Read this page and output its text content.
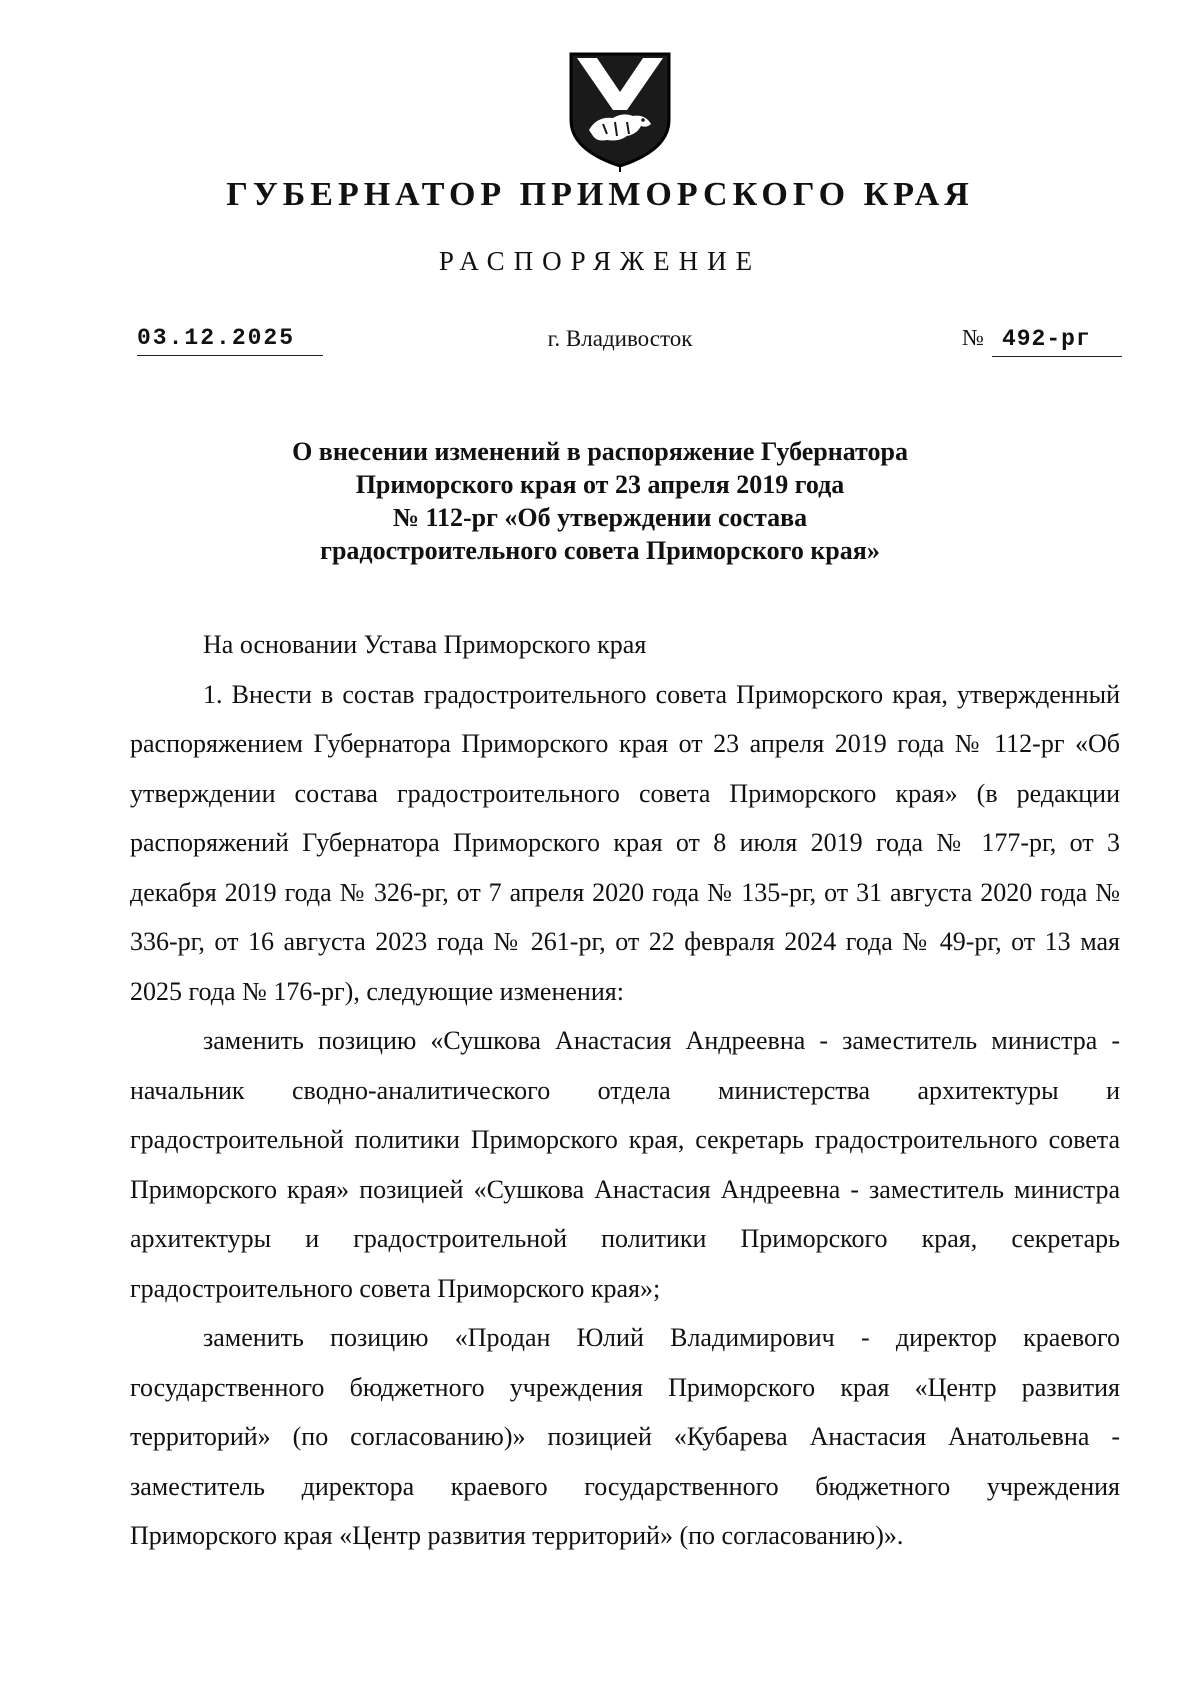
ГУБЕРНАТОР ПРИМОРСКОГО КРАЯ
РАСПОРЯЖЕНИЕ
03.12.2025	г. Владивосток	№ 492-рг
О внесении изменений в распоряжение Губернатора
Приморского края от 23 апреля 2019 года
№ 112-рг «Об утверждении состава
градостроительного совета Приморского края»

На основании Устава Приморского края

1. Внести в состав градостроительного совета Приморского края, утвержденный распоряжением Губернатора Приморского края от 23 апреля 2019 года № 112-рг «Об утверждении состава градостроительного совета Приморского края» (в редакции распоряжений Губернатора Приморского края от 8 июля 2019 года № 177-рг, от 3 декабря 2019 года № 326-рг, от 7 апреля 2020 года № 135-рг, от 31 августа 2020 года № 336-рг, от 16 августа 2023 года № 261-рг, от 22 февраля 2024 года № 49-рг, от 13 мая 2025 года № 176-рг), следующие изменения:

заменить позицию «Сушкова Анастасия Андреевна - заместитель министра - начальник сводно-аналитического отдела министерства архитектуры и градостроительной политики Приморского края, секретарь градостроительного совета Приморского края» позицией «Сушкова Анастасия Андреевна - заместитель министра архитектуры и градостроительной политики Приморского края, секретарь градостроительного совета Приморского края»;

заменить позицию «Продан Юлий Владимирович - директор краевого государственного бюджетного учреждения Приморского края «Центр развития территорий» (по согласованию)» позицией «Кубарева Анастасия Анатольевна - заместитель директора краевого государственного бюджетного учреждения Приморского края «Центр развития территорий» (по согласованию)».
